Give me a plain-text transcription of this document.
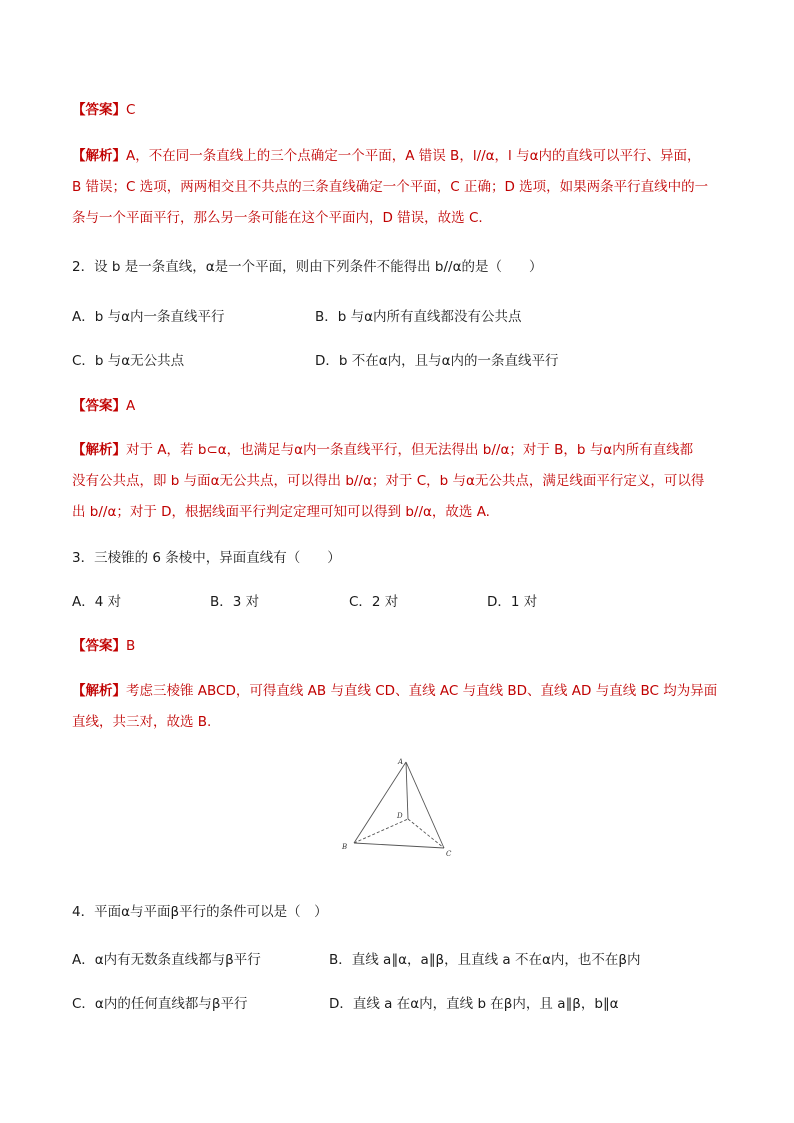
【答案】C
【解析】A，不在同一条直线上的三个点确定一个平面，A 错误 B，l//α，l 与α内的直线可以平行、异面，
B 错误；C 选项，两两相交且不共点的三条直线确定一个平面，C 正确；D 选项，如果两条平行直线中的一
条与一个平面平行，那么另一条可能在这个平面内，D 错误，故选 C.
2．设 b 是一条直线，α是一个平面，则由下列条件不能得出 b//α的是（　　）
A．b 与α内一条直线平行	B．b 与α内所有直线都没有公共点
C．b 与α无公共点	D．b 不在α内，且与α内的一条直线平行
【答案】A
【解析】对于 A，若 b⊂α，也满足与α内一条直线平行，但无法得出 b//α；对于 B，b 与α内所有直线都
没有公共点，即 b 与面α无公共点，可以得出 b//α；对于 C，b 与α无公共点，满足线面平行定义，可以得
出 b//α；对于 D，根据线面平行判定定理可知可以得到 b//α，故选 A.
3．三棱锥的 6 条棱中，异面直线有（　　）
A．4 对	B．3 对	C．2 对	D．1 对
【答案】B
【解析】考虑三棱锥 ABCD，可得直线 AB 与直线 CD、直线 AC 与直线 BD、直线 AD 与直线 BC 均为异面
直线，共三对，故选 B.
A
B
C
D
4．平面α与平面β平行的条件可以是（　）
A．α内有无数条直线都与β平行	B．直线 a∥α，a∥β，且直线 a 不在α内，也不在β内
C．α内的任何直线都与β平行	D．直线 a 在α内，直线 b 在β内，且 a∥β，b∥α
